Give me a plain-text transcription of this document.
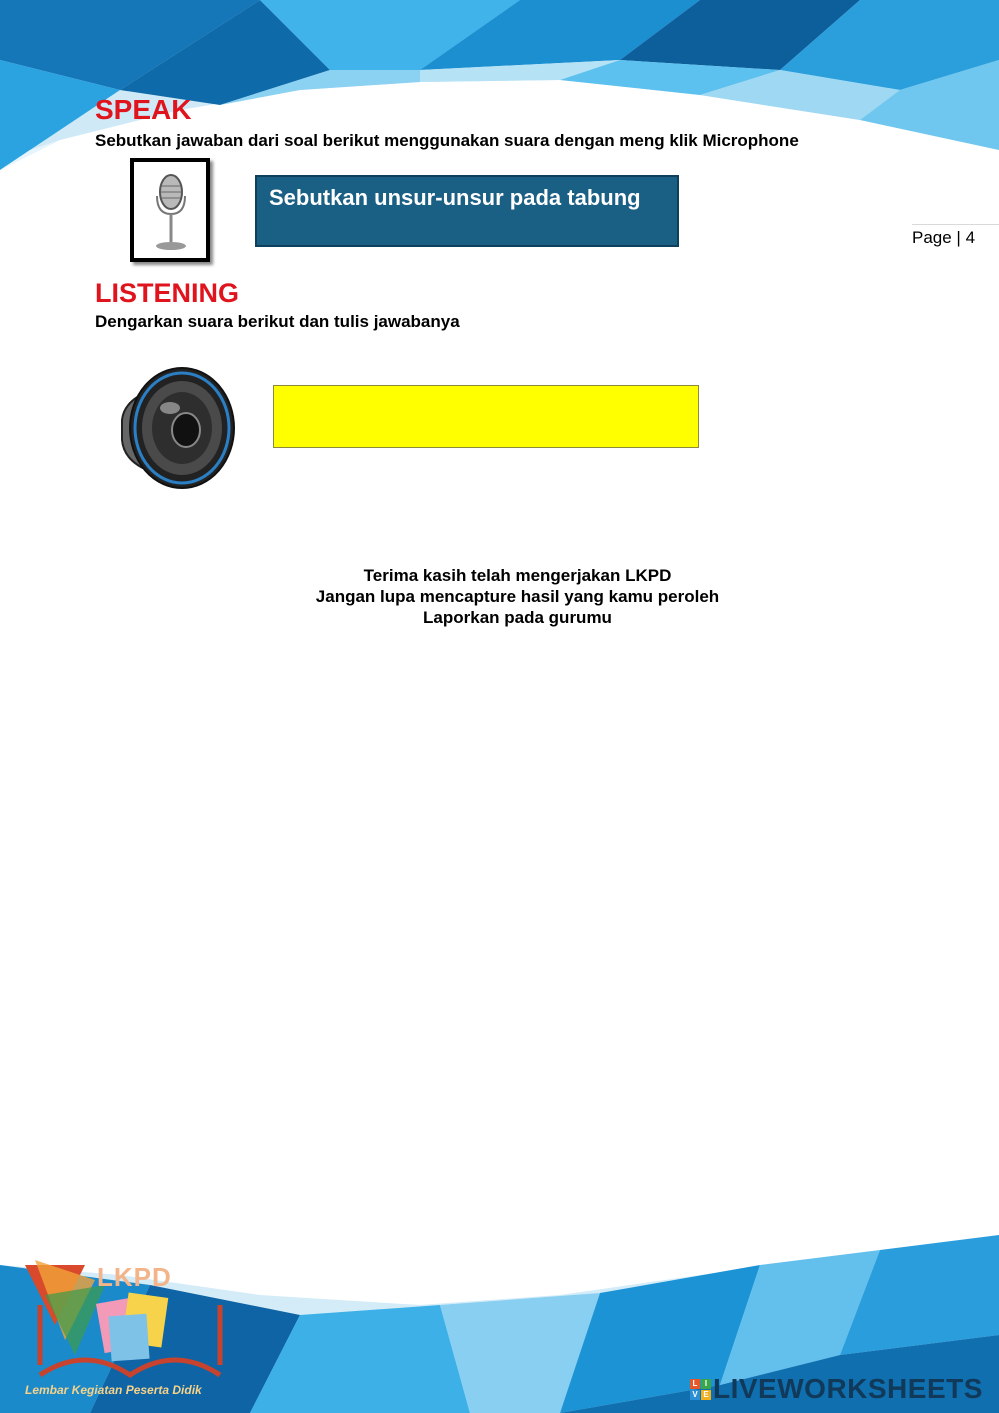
SPEAK
Sebutkan jawaban dari soal berikut menggunakan suara dengan meng klik Microphone
Sebutkan unsur-unsur pada tabung
Page | 4
LISTENING
Dengarkan suara berikut dan tulis jawabanya
Terima kasih telah mengerjakan LKPD
Jangan lupa mencapture hasil yang kamu peroleh
Laporkan pada gurumu
LKPD
Lembar Kegiatan Peserta Didik	L I
V E LIVEWORKSHEETS
